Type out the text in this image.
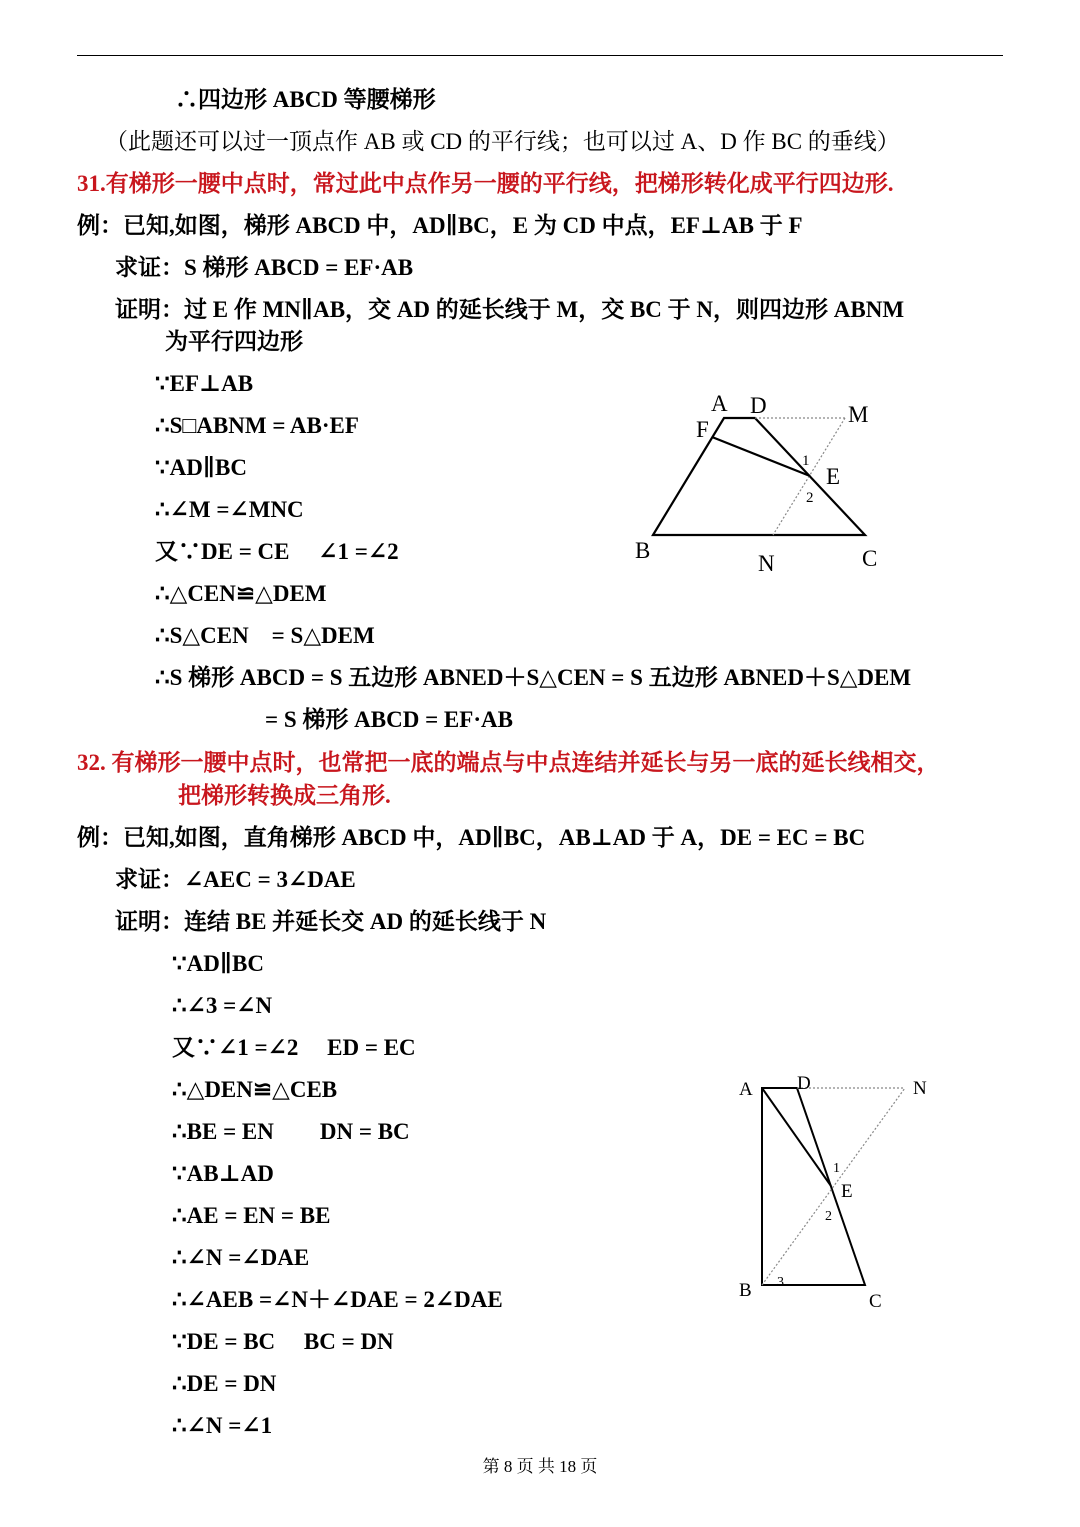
∴四边形 ABCD 等腰梯形
（此题还可以过一顶点作 AB 或 CD 的平行线；也可以过 A、D 作 BC 的垂线）
31.有梯形一腰中点时，常过此中点作另一腰的平行线，把梯形转化成平行四边形.
例：已知,如图，梯形 ABCD 中，AD∥BC，E 为 CD 中点，EF⊥AB 于 F
求证：S 梯形 ABCD = EF·AB
证明：过 E 作 MN∥AB，交 AD 的延长线于 M，交 BC 于 N，则四边形 ABNM
为平行四边形
∵EF⊥AB
∴S□ABNM = AB·EF
∵AD∥BC
∴∠M =∠MNC
又∵DE = CE　 ∠1 =∠2
∴△CEN≌△DEM
∴S△CEN　= S△DEM
∴S 梯形 ABCD = S 五边形 ABNED＋S△CEN = S 五边形 ABNED＋S△DEM
= S 梯形 ABCD = EF·AB
32. 有梯形一腰中点时，也常把一底的端点与中点连结并延长与另一底的延长线相交，
把梯形转换成三角形.
例：已知,如图，直角梯形 ABCD 中，AD∥BC，AB⊥AD 于 A，DE = EC = BC
求证：∠AEC = 3∠DAE
证明：连结 BE 并延长交 AD 的延长线于 N
∵AD∥BC
∴∠3 =∠N
又∵∠1 =∠2　 ED = EC
∴△DEN≌△CEB
∴BE = EN　　DN = BC
∵AB⊥AD
∴AE = EN = BE
∴∠N =∠DAE
∴∠AEB =∠N＋∠DAE = 2∠DAE
∵DE = BC　 BC = DN
∴DE = DN
∴∠N =∠1
A D	M
F
E
B
N	C
1
2
A D	N
E
B
C
1
2
3
第 8 页 共 18 页
